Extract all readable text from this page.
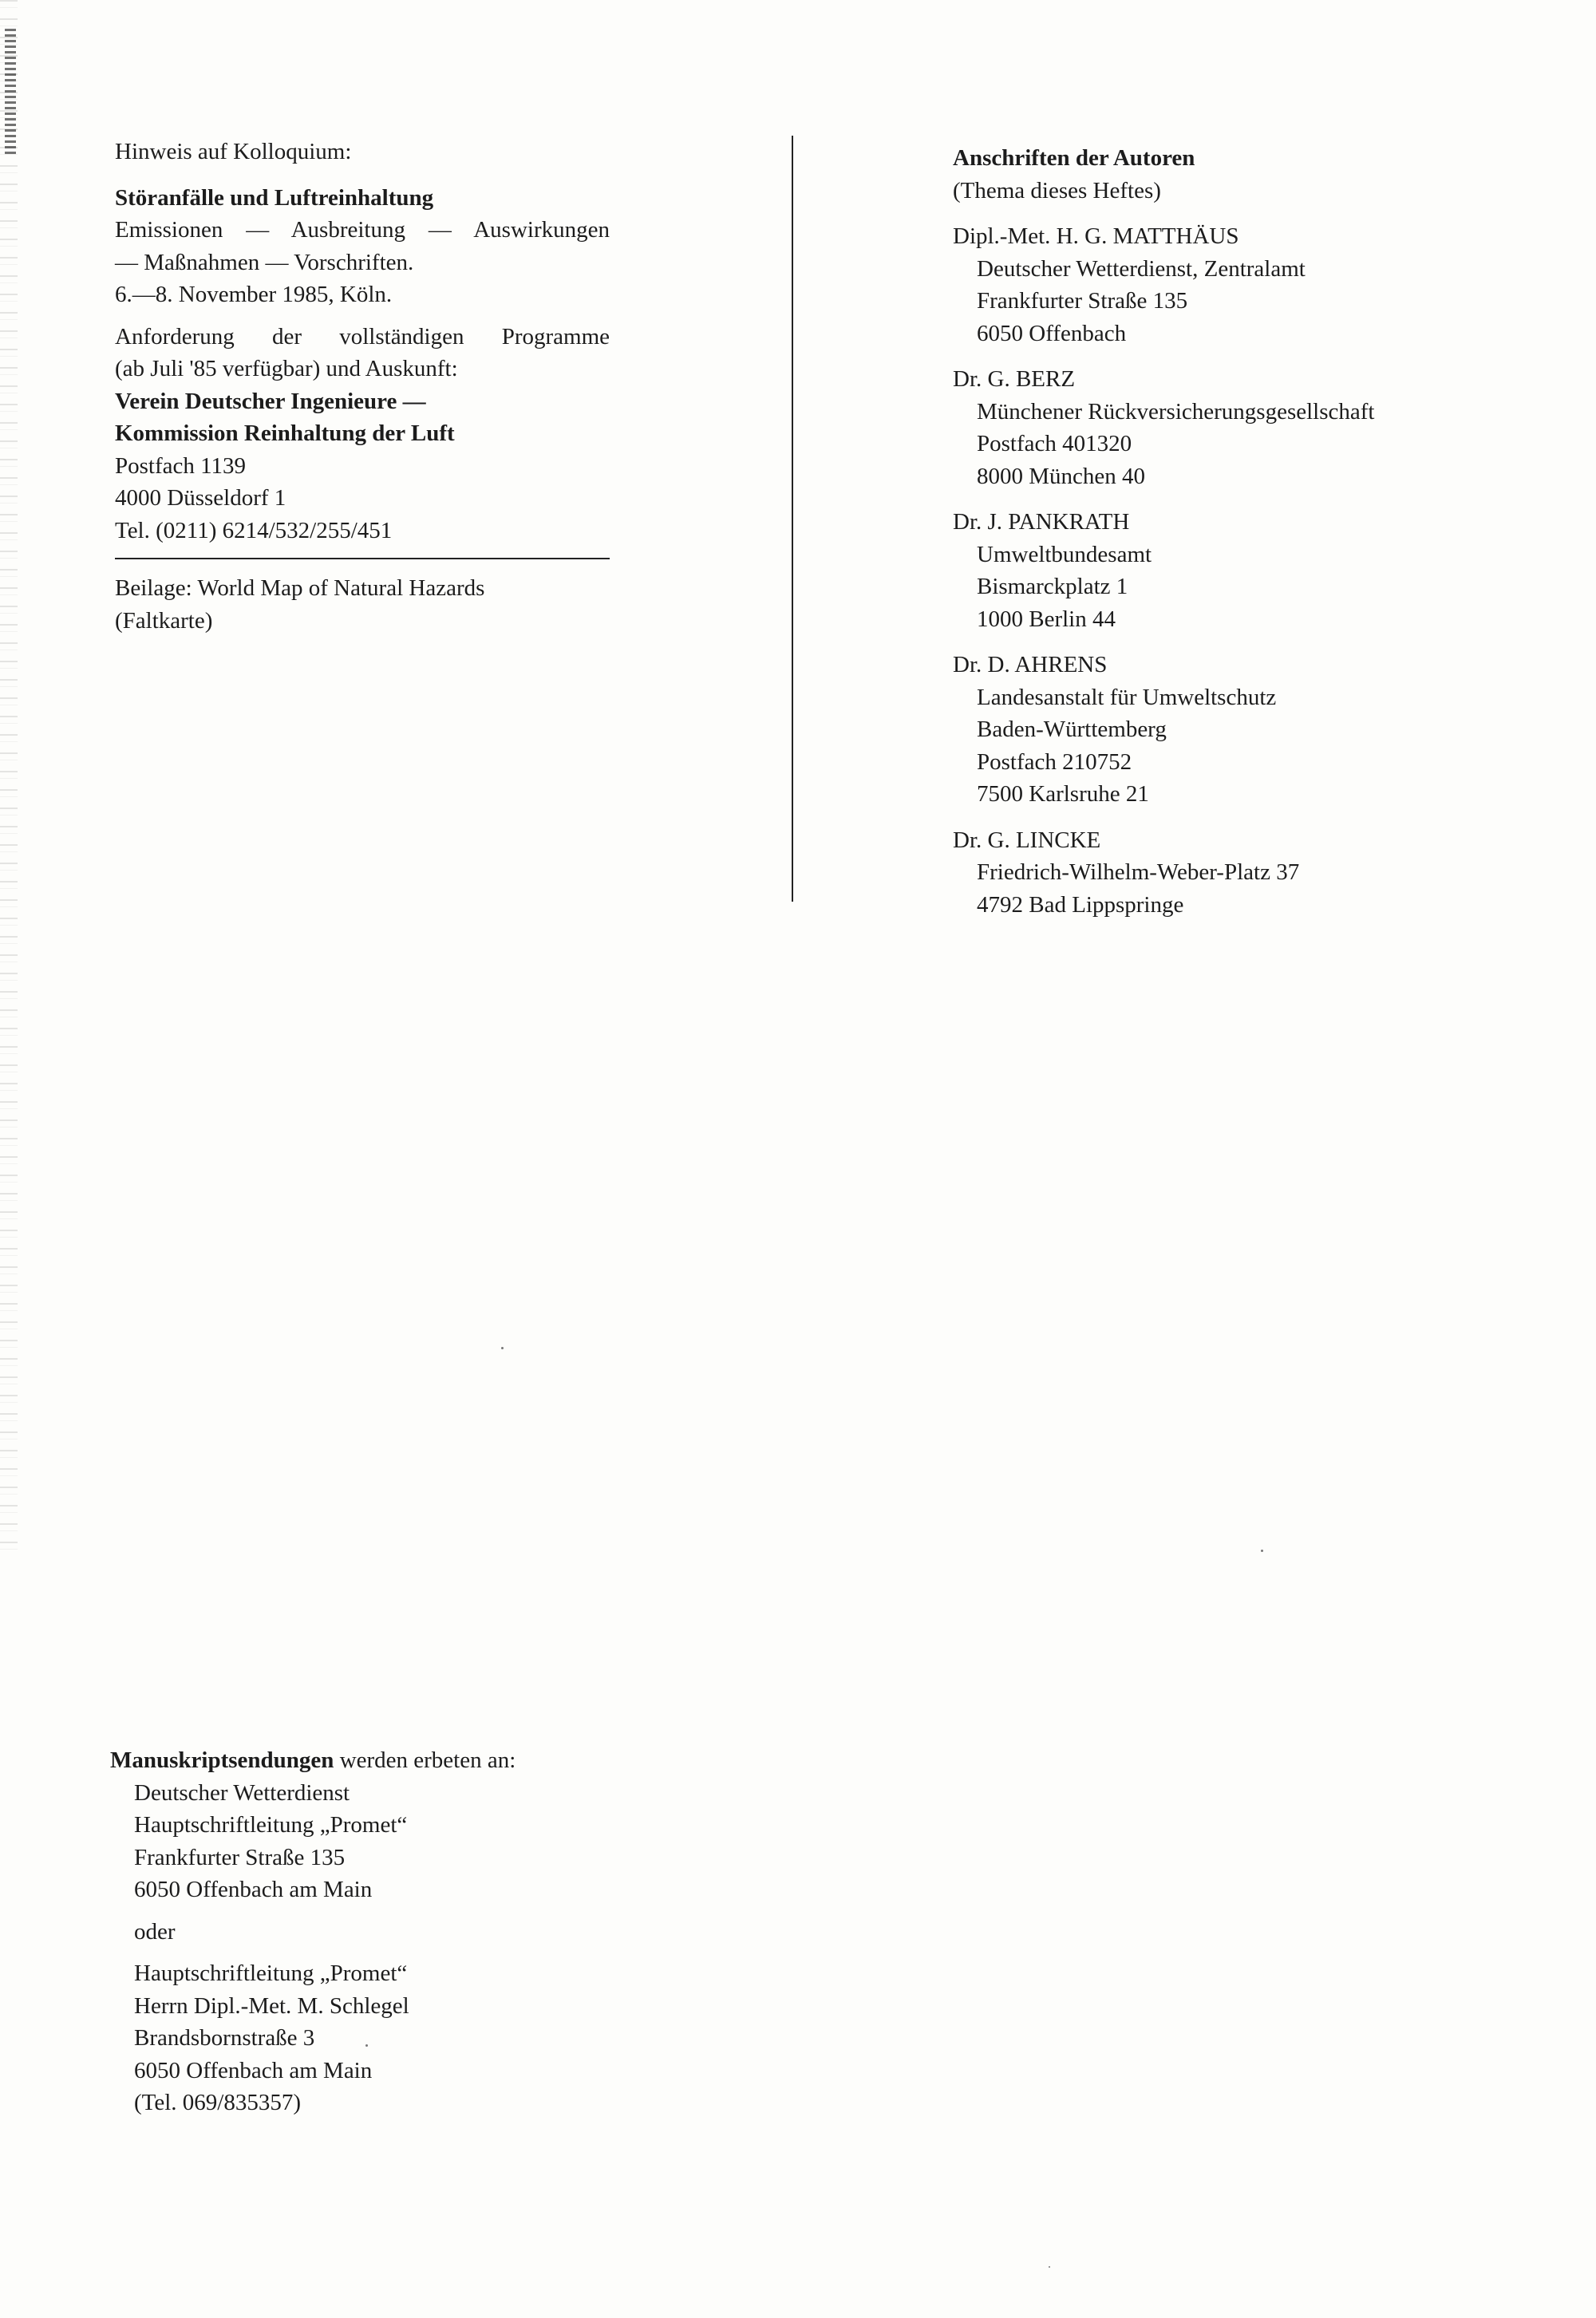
Hinweis auf Kolloquium:

Störanfälle und Luftreinhaltung

Emissionen — Ausbreitung — Auswirkungen

— Maßnahmen — Vorschriften.

6.—8. November 1985, Köln.

Anforderung der vollständigen Programme

(ab Juli '85 verfügbar) und Auskunft:

Verein Deutscher Ingenieure —

Kommission Reinhaltung der Luft

Postfach 1139

4000 Düsseldorf 1

Tel. (0211) 6214/532/255/451

Beilage: World Map of Natural Hazards

(Faltkarte)

Anschriften der Autoren

(Thema dieses Heftes)

Dipl.-Met. H. G. MATTHÄUS

Deutscher Wetterdienst, Zentralamt

Frankfurter Straße 135

6050 Offenbach

Dr. G. BERZ

Münchener Rückversicherungsgesellschaft

Postfach 401320

8000 München 40

Dr. J. PANKRATH

Umweltbundesamt

Bismarckplatz 1

1000 Berlin 44

Dr. D. AHRENS

Landesanstalt für Umweltschutz

Baden-Württemberg

Postfach 210752

7500 Karlsruhe 21

Dr. G. LINCKE

Friedrich-Wilhelm-Weber-Platz 37

4792 Bad Lippspringe

Manuskriptsendungen werden erbeten an:

Deutscher Wetterdienst

Hauptschriftleitung „Promet“

Frankfurter Straße 135

6050 Offenbach am Main

oder

Hauptschriftleitung „Promet“

Herrn Dipl.-Met. M. Schlegel

Brandsbornstraße 3

6050 Offenbach am Main

(Tel. 069/835357)
